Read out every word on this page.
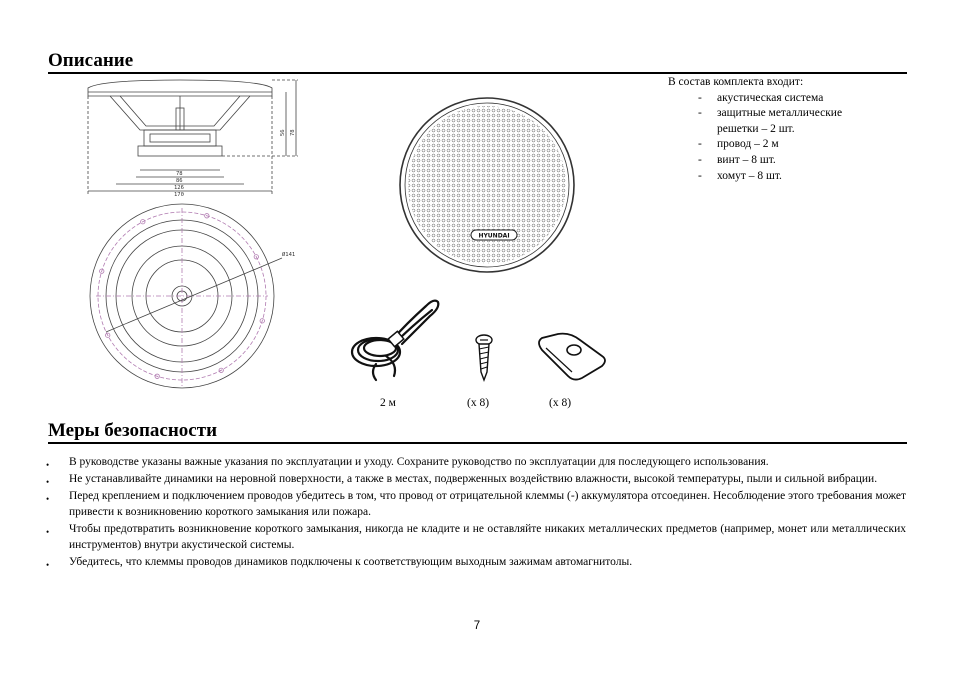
Описание
78
86
126
170
56 78
Ø141
HYUNDAI
2 м	(x 8)	(x 8)
В состав комплекта входит:
- акустическая система
- защитные металлические
решетки – 2 шт.
- провод – 2 м
- винт – 8 шт.
- хомут – 8 шт.
Меры безопасности
• В руководстве указаны важные указания по эксплуатации и уходу. Сохраните руководство по эксплуатации для последующего использования.
• Не устанавливайте динамики на неровной поверхности, а также в местах, подверженных воздействию влажности, высокой температуры, пыли и сильной вибрации.
• Перед креплением и подключением проводов убедитесь в том, что провод от отрицательной клеммы (-) аккумулятора отсоединен. Несоблюдение этого требования может привести к возникновению короткого замыкания или пожара.
• Чтобы предотвратить возникновение короткого замыкания, никогда не кладите и не оставляйте никаких металлических предметов (например, монет или металлических инструментов) внутри акустической системы.
• Убедитесь, что клеммы проводов динамиков подключены к соответствующим выходным зажимам автомагнитолы.
7
